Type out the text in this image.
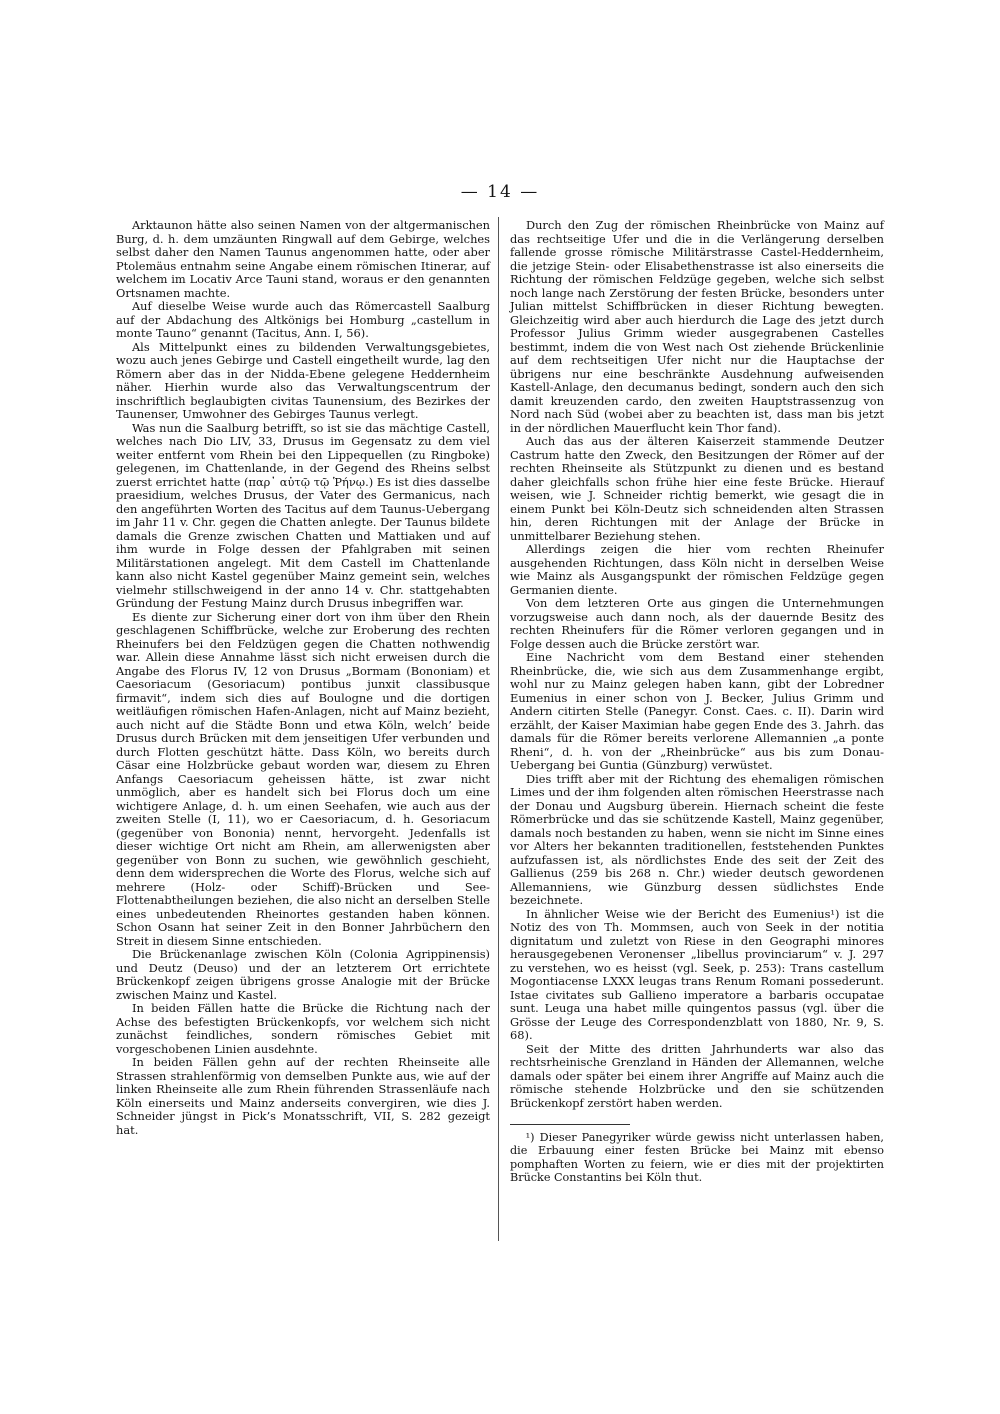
— 14 —

Arktaunon hätte also seinen Namen von der altgermanischen Burg, d. h. dem umzäunten Ringwall auf dem Gebirge, welches selbst daher den Namen Taunus angenommen hatte, oder aber Ptolemäus entnahm seine Angabe einem römischen Itinerar, auf welchem im Locativ Arce Tauni stand, woraus er den genannten Ortsnamen machte.

Auf dieselbe Weise wurde auch das Römercastell Saalburg auf der Abdachung des Altkönigs bei Homburg „castellum in monte Tauno“ genannt (Tacitus, Ann. I, 56).

Als Mittelpunkt eines zu bildenden Verwaltungsgebietes, wozu auch jenes Gebirge und Castell eingetheilt wurde, lag den Römern aber das in der Nidda-Ebene gelegene Heddernheim näher. Hierhin wurde also das Verwaltungscentrum der inschriftlich beglaubigten civitas Taunensium, des Bezirkes der Taunenser, Umwohner des Gebirges Taunus verlegt.

Was nun die Saalburg betrifft, so ist sie das mächtige Castell, welches nach Dio LIV, 33, Drusus im Gegensatz zu dem viel weiter entfernt vom Rhein bei den Lippequellen (zu Ringboke) gelegenen, im Chattenlande, in der Gegend des Rheins selbst zuerst errichtet hatte (παρ᾽ αὐτῷ τῷ Ῥήνῳ.) Es ist dies dasselbe praesidium, welches Drusus, der Vater des Germanicus, nach den angeführten Worten des Tacitus auf dem Taunus-Uebergang im Jahr 11 v. Chr. gegen die Chatten anlegte. Der Taunus bildete damals die Grenze zwischen Chatten und Mattiaken und auf ihm wurde in Folge dessen der Pfahlgraben mit seinen Militärstationen angelegt. Mit dem Castell im Chattenlande kann also nicht Kastel gegenüber Mainz gemeint sein, welches vielmehr stillschweigend in der anno 14 v. Chr. stattgehabten Gründung der Festung Mainz durch Drusus inbegriffen war.

Es diente zur Sicherung einer dort von ihm über den Rhein geschlagenen Schiffbrücke, welche zur Eroberung des rechten Rheinufers bei den Feldzügen gegen die Chatten nothwendig war. Allein diese Annahme lässt sich nicht erweisen durch die Angabe des Florus IV, 12 von Drusus „Bormam (Bononiam) et Caesoriacum (Gesoriacum) pontibus junxit classibusque firmavit“, indem sich dies auf Boulogne und die dortigen weitläufigen römischen Hafen-Anlagen, nicht auf Mainz bezieht, auch nicht auf die Städte Bonn und etwa Köln, welch’ beide Drusus durch Brücken mit dem jenseitigen Ufer verbunden und durch Flotten geschützt hätte. Dass Köln, wo bereits durch Cäsar eine Holzbrücke gebaut worden war, diesem zu Ehren Anfangs Caesoriacum geheissen hätte, ist zwar nicht unmöglich, aber es handelt sich bei Florus doch um eine wichtigere Anlage, d. h. um einen Seehafen, wie auch aus der zweiten Stelle (I, 11), wo er Caesoriacum, d. h. Gesoriacum (gegenüber von Bononia) nennt, hervorgeht. Jedenfalls ist dieser wichtige Ort nicht am Rhein, am allerwenigsten aber gegenüber von Bonn zu suchen, wie gewöhnlich geschieht, denn dem widersprechen die Worte des Florus, welche sich auf mehrere (Holz- oder Schiff)-Brücken und See-Flottenabtheilungen beziehen, die also nicht an derselben Stelle eines unbedeutenden Rheinortes gestanden haben können. Schon Osann hat seiner Zeit in den Bonner Jahrbüchern den Streit in diesem Sinne entschieden.

Die Brückenanlage zwischen Köln (Colonia Agrippinensis) und Deutz (Deuso) und der an letzterem Ort errichtete Brückenkopf zeigen übrigens grosse Analogie mit der Brücke zwischen Mainz und Kastel.

In beiden Fällen hatte die Brücke die Richtung nach der Achse des befestigten Brückenkopfs, vor welchem sich nicht zunächst feindliches, sondern römisches Gebiet mit vorgeschobenen Linien ausdehnte.

In beiden Fällen gehn auf der rechten Rheinseite alle Strassen strahlenförmig von demselben Punkte aus, wie auf der linken Rheinseite alle zum Rhein führenden Strassenläufe nach Köln einerseits und Mainz anderseits convergiren, wie dies J. Schneider jüngst in Pick’s Monatsschrift, VII, S. 282 gezeigt hat.

Durch den Zug der römischen Rheinbrücke von Mainz auf das rechtseitige Ufer und die in die Verlängerung derselben fallende grosse römische Militärstrasse Castel-Heddernheim, die jetzige Stein- oder Elisabethenstrasse ist also einerseits die Richtung der römischen Feldzüge gegeben, welche sich selbst noch lange nach Zerstörung der festen Brücke, besonders unter Julian mittelst Schiffbrücken in dieser Richtung bewegten. Gleichzeitig wird aber auch hierdurch die Lage des jetzt durch Professor Julius Grimm wieder ausgegrabenen Castelles bestimmt, indem die von West nach Ost ziehende Brückenlinie auf dem rechtseitigen Ufer nicht nur die Hauptachse der übrigens nur eine beschränkte Ausdehnung aufweisenden Kastell-Anlage, den decumanus bedingt, sondern auch den sich damit kreuzenden cardo, den zweiten Hauptstrassenzug von Nord nach Süd (wobei aber zu beachten ist, dass man bis jetzt in der nördlichen Mauerflucht kein Thor fand).

Auch das aus der älteren Kaiserzeit stammende Deutzer Castrum hatte den Zweck, den Besitzungen der Römer auf der rechten Rheinseite als Stützpunkt zu dienen und es bestand daher gleichfalls schon frühe hier eine feste Brücke. Hierauf weisen, wie J. Schneider richtig bemerkt, wie gesagt die in einem Punkt bei Köln-Deutz sich schneidenden alten Strassen hin, deren Richtungen mit der Anlage der Brücke in unmittelbarer Beziehung stehen.

Allerdings zeigen die hier vom rechten Rheinufer ausgehenden Richtungen, dass Köln nicht in derselben Weise wie Mainz als Ausgangspunkt der römischen Feldzüge gegen Germanien diente.

Von dem letzteren Orte aus gingen die Unternehmungen vorzugsweise auch dann noch, als der dauernde Besitz des rechten Rheinufers für die Römer verloren gegangen und in Folge dessen auch die Brücke zerstört war.

Eine Nachricht vom dem Bestand einer stehenden Rheinbrücke, die, wie sich aus dem Zusammenhange ergibt, wohl nur zu Mainz gelegen haben kann, gibt der Lobredner Eumenius in einer schon von J. Becker, Julius Grimm und Andern citirten Stelle (Panegyr. Const. Caes. c. II). Darin wird erzählt, der Kaiser Maximian habe gegen Ende des 3. Jahrh. das damals für die Römer bereits verlorene Allemannien „a ponte Rheni“, d. h. von der „Rheinbrücke“ aus bis zum Donau-Uebergang bei Guntia (Günzburg) verwüstet.

Dies trifft aber mit der Richtung des ehemaligen römischen Limes und der ihm folgenden alten römischen Heerstrasse nach der Donau und Augsburg überein. Hiernach scheint die feste Römerbrücke und das sie schützende Kastell, Mainz gegenüber, damals noch bestanden zu haben, wenn sie nicht im Sinne eines vor Alters her bekannten traditionellen, feststehenden Punktes aufzufassen ist, als nördlichstes Ende des seit der Zeit des Gallienus (259 bis 268 n. Chr.) wieder deutsch gewordenen Allemanniens, wie Günzburg dessen südlichstes Ende bezeichnete.

In ähnlicher Weise wie der Bericht des Eumenius¹) ist die Notiz des von Th. Mommsen, auch von Seek in der notitia dignitatum und zuletzt von Riese in den Geographi minores herausgegebenen Veronenser „libellus provinciarum“ v. J. 297 zu verstehen, wo es heisst (vgl. Seek, p. 253): Trans castellum Mogontiacense LXXX leugas trans Renum Romani possederunt. Istae civitates sub Gallieno imperatore a barbaris occupatae sunt. Leuga una habet mille quingentos passus (vgl. über die Grösse der Leuge des Correspondenzblatt von 1880, Nr. 9, S. 68).

Seit der Mitte des dritten Jahrhunderts war also das rechtsrheinische Grenzland in Händen der Allemannen, welche damals oder später bei einem ihrer Angriffe auf Mainz auch die römische stehende Holzbrücke und den sie schützenden Brückenkopf zerstört haben werden.

¹) Dieser Panegyriker würde gewiss nicht unterlassen haben, die Erbauung einer festen Brücke bei Mainz mit ebenso pomphaften Worten zu feiern, wie er dies mit der projektirten Brücke Constantins bei Köln thut.
